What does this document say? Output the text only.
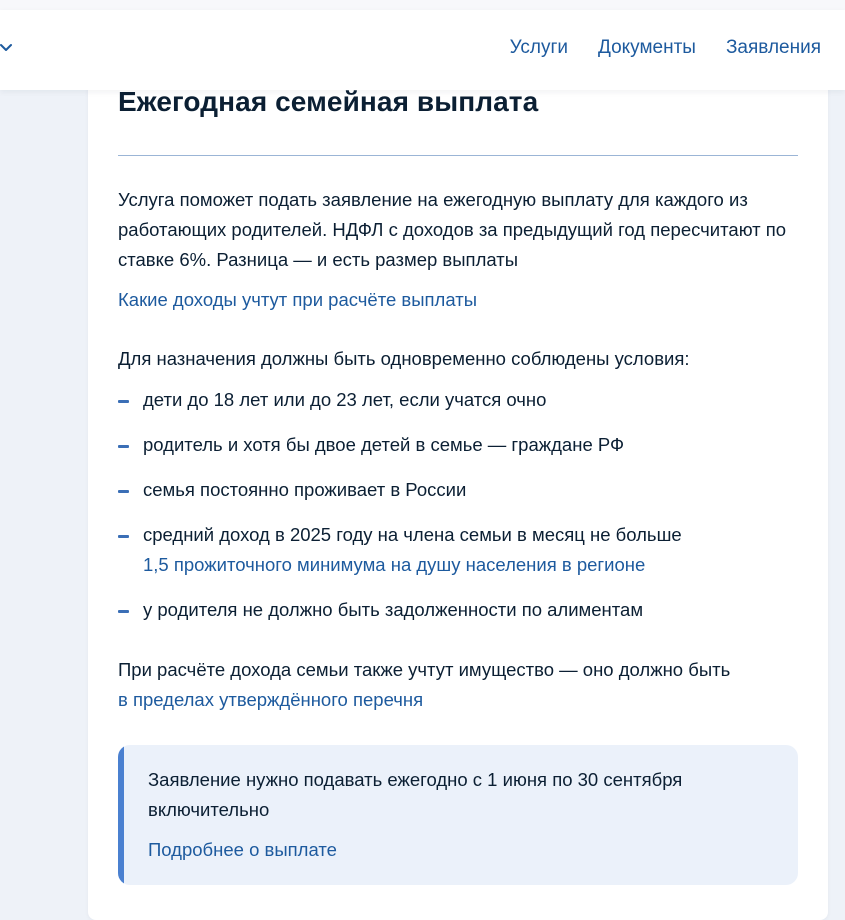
Услуги Документы Заявления
Ежегодная семейная выплата
Услуга поможет подать заявление на ежегодную выплату для каждого из работающих родителей. НДФЛ с доходов за предыдущий год пересчитают по ставке 6%. Разница — и есть размер выплаты
Какие доходы учтут при расчёте выплаты
Для назначения должны быть одновременно соблюдены условия:
дети до 18 лет или до 23 лет, если учатся очно
родитель и хотя бы двое детей в семье — граждане РФ
семья постоянно проживает в России
средний доход в 2025 году на члена семьи в месяц не больше
1,5 прожиточного минимума на душу населения в регионе
у родителя не должно быть задолженности по алиментам
При расчёте дохода семьи также учтут имущество — оно должно быть
в пределах утверждённого перечня
Заявление нужно подавать ежегодно с 1 июня по 30 сентября включительно
Подробнее о выплате
